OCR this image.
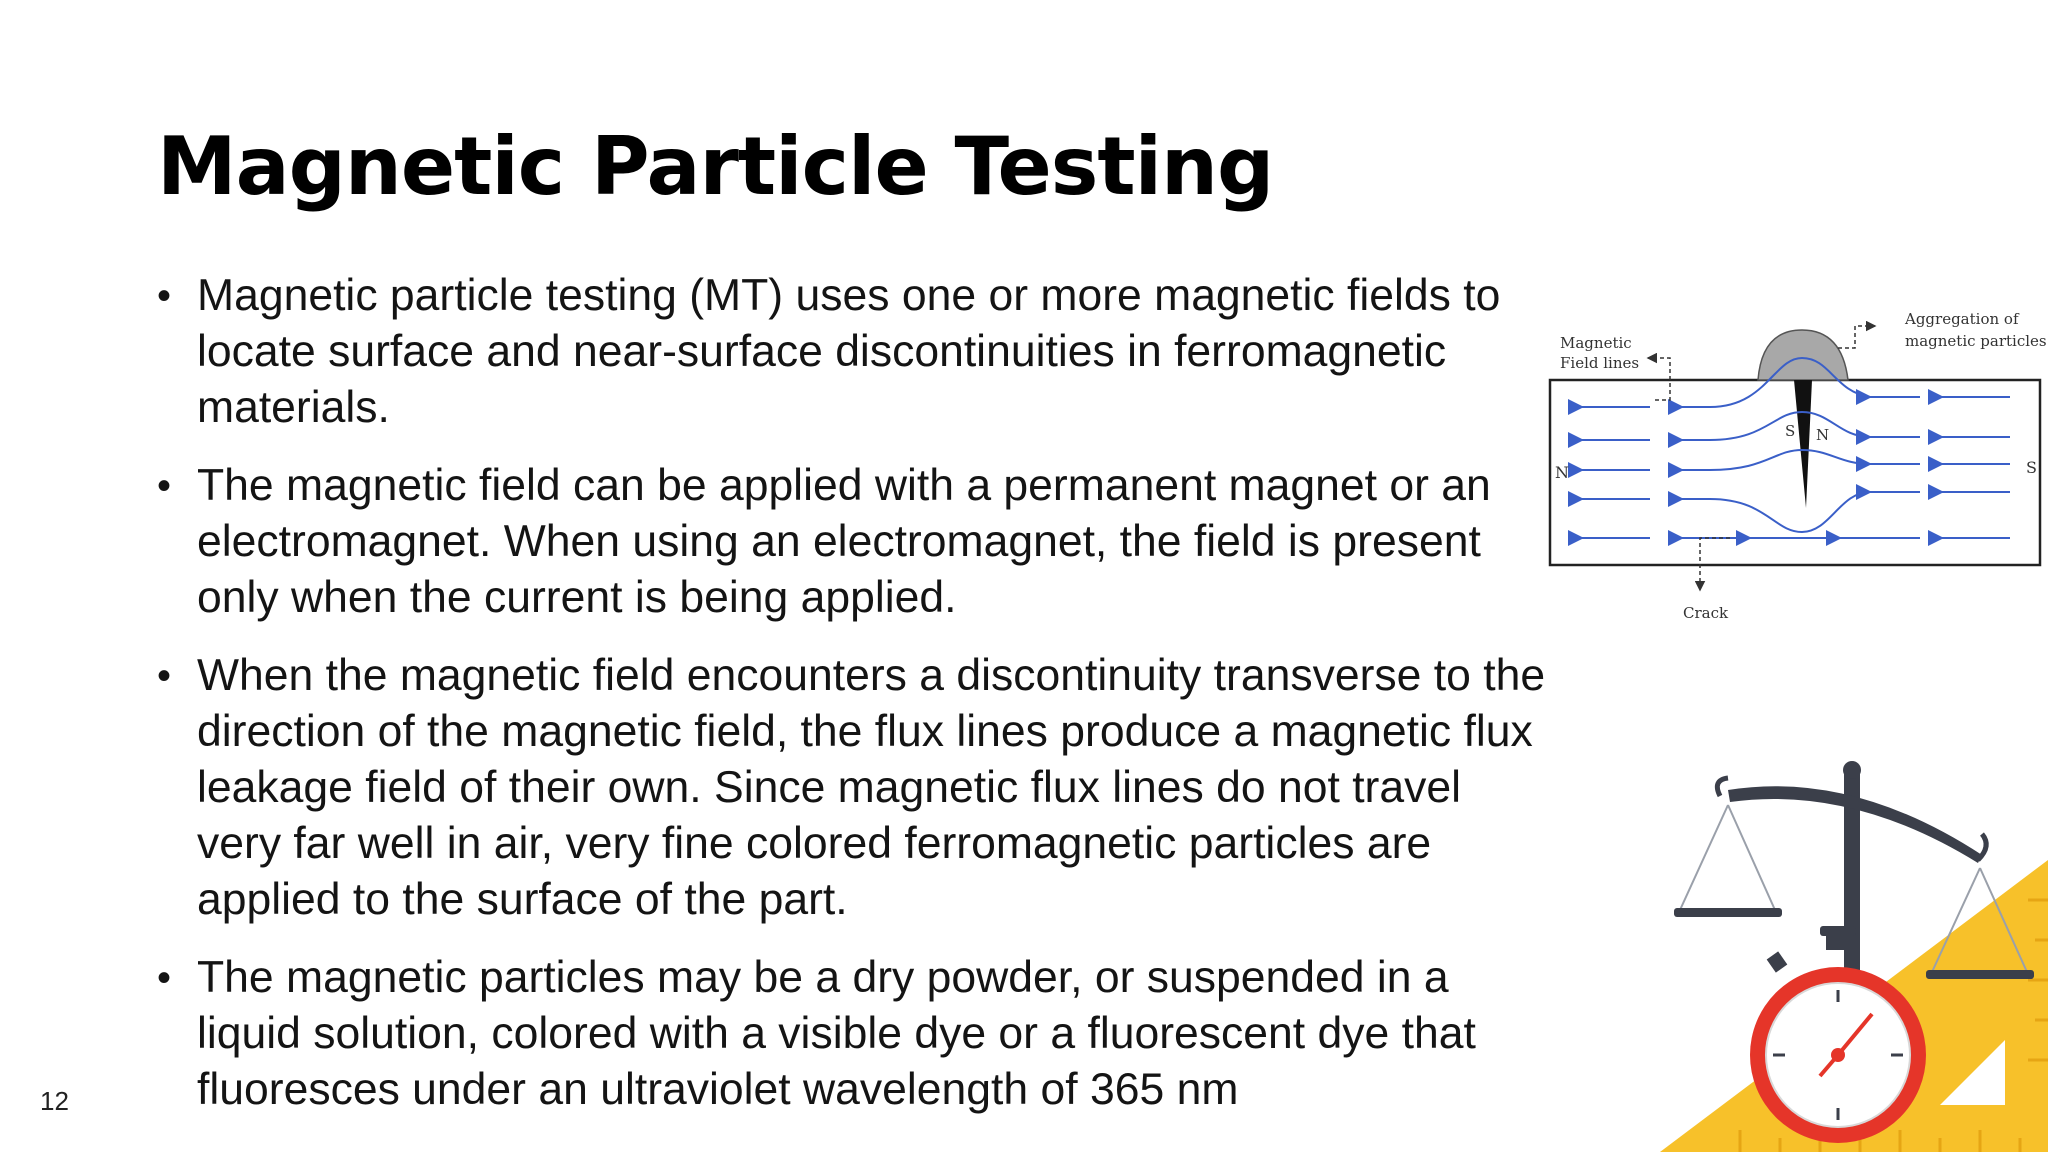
Magnetic Particle Testing
• Magnetic particle testing (MT) uses one or more magnetic fields to locate surface and near-surface discontinuities in ferromagnetic materials.
• The magnetic field can be applied with a permanent magnet or an electromagnet. When using an electromagnet, the field is present only when the current is being applied.
• When the magnetic field encounters a discontinuity transverse to the direction of the magnetic field, the flux lines produce a magnetic flux leakage field of their own. Since magnetic flux lines do not travel very far well in air, very fine colored ferromagnetic particles are applied to the surface of the part.
• The magnetic particles may be a dry powder, or suspended in a liquid solution, colored with a visible dye or a fluorescent dye that fluoresces under an ultraviolet wavelength of 365 nm
12
Aggregation of
magnetic particles
Magnetic
Field lines
Crack
N	S
S N
